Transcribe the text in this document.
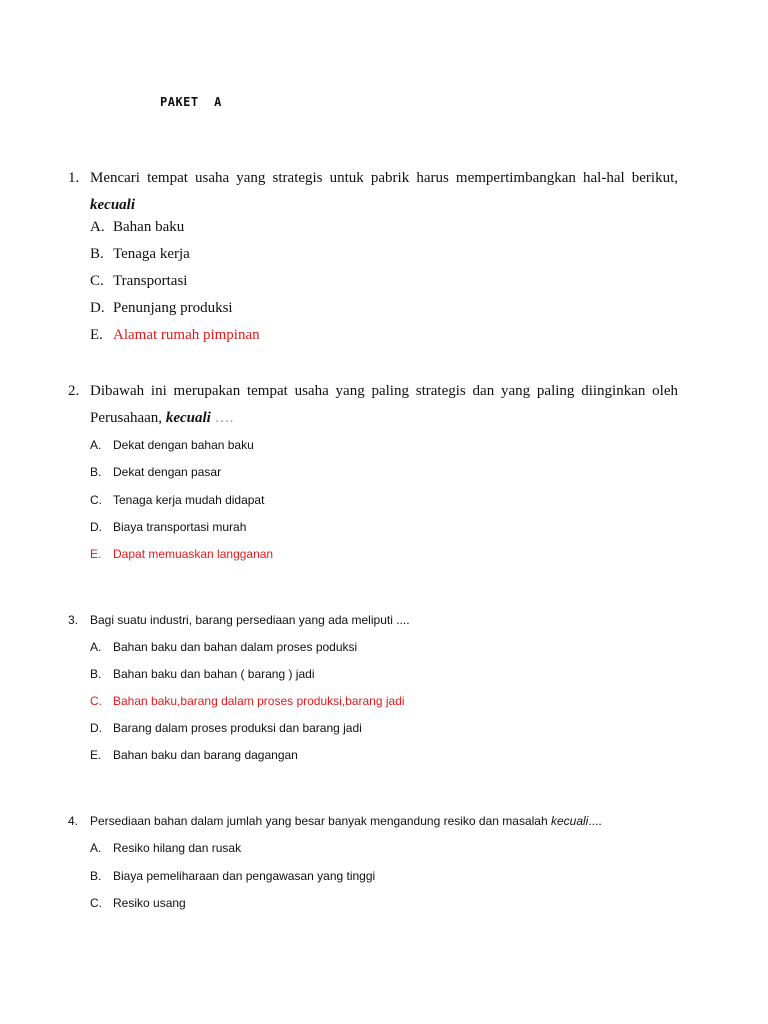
PAKET  A
1. Mencari tempat usaha yang strategis untuk pabrik harus mempertimbangkan hal-hal berikut, kecuali
A. Bahan baku
B. Tenaga kerja
C. Transportasi
D. Penunjang produksi
E. Alamat rumah pimpinan
2. Dibawah ini merupakan tempat usaha yang paling strategis dan yang paling diinginkan oleh Perusahaan, kecuali ….
A. Dekat dengan bahan baku
B. Dekat dengan pasar
C. Tenaga kerja mudah didapat
D. Biaya transportasi murah
E. Dapat memuaskan langganan
3. Bagi suatu industri, barang persediaan yang ada meliputi ....
A. Bahan baku dan bahan dalam proses poduksi
B. Bahan baku dan bahan ( barang ) jadi
C. Bahan baku,barang dalam proses produksi,barang jadi
D. Barang dalam proses produksi dan barang jadi
E. Bahan baku dan barang dagangan
4. Persediaan bahan dalam jumlah yang besar banyak mengandung resiko dan masalah kecuali....
A. Resiko hilang dan rusak
B. Biaya pemeliharaan dan pengawasan yang tinggi
C. Resiko usang
